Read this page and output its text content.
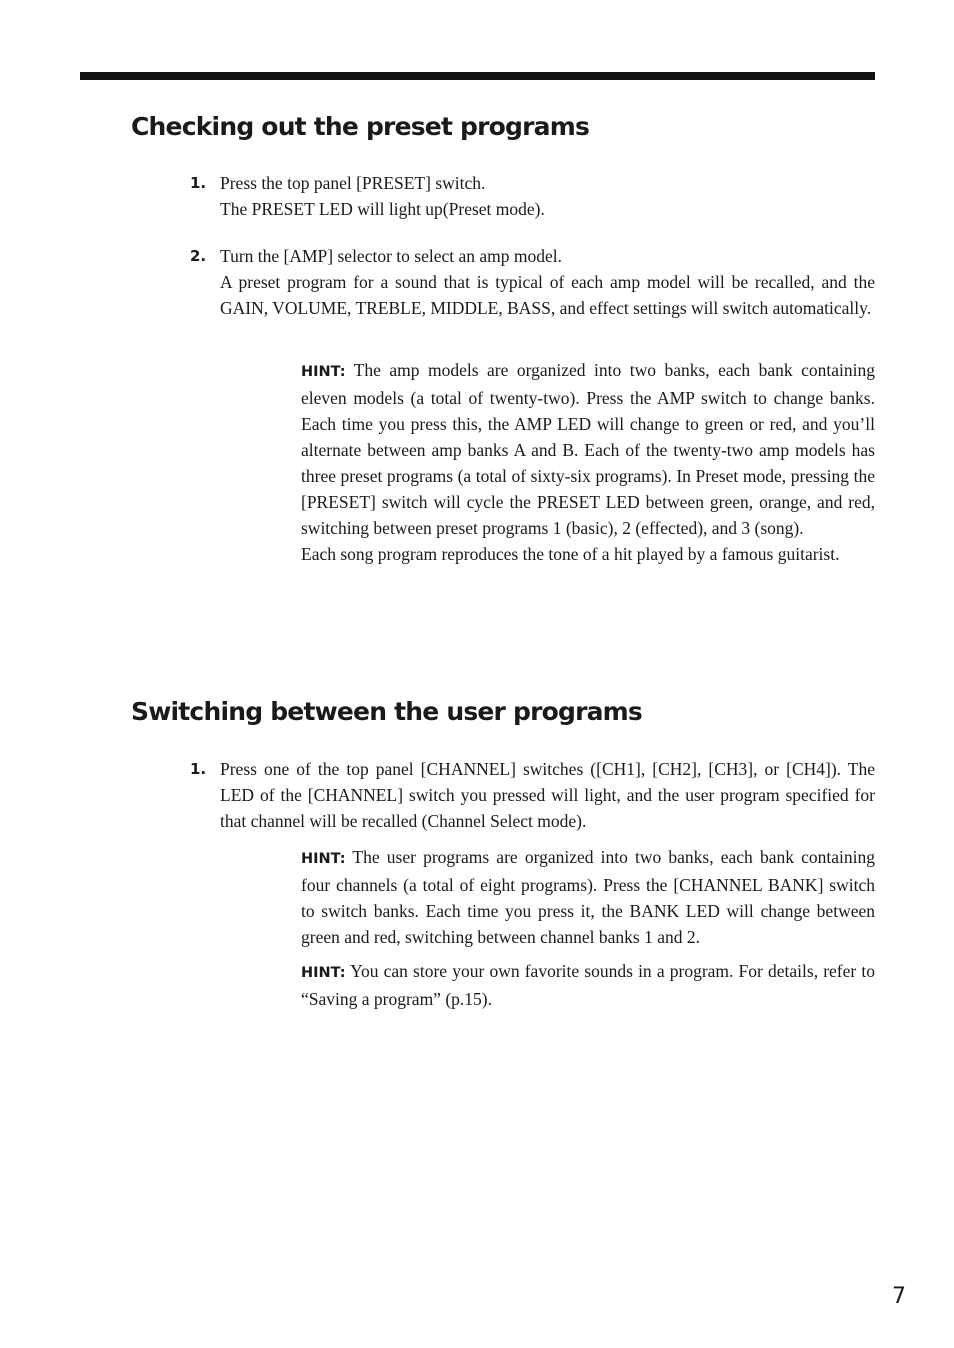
Checking out the preset programs
1. Press the top panel [PRESET] switch.

The PRESET LED will light up(Preset mode).

2. Turn the [AMP] selector to select an amp model.

A preset program for a sound that is typical of each amp model will be recalled, and the GAIN, VOLUME, TREBLE, MIDDLE, BASS, and effect settings will switch automatically.

HINT: The amp models are organized into two banks, each bank containing eleven models (a total of twenty-two). Press the AMP switch to change banks. Each time you press this, the AMP LED will change to green or red, and you’ll alternate between amp banks A and B. Each of the twenty-two amp models has three preset programs (a total of sixty-six programs). In Preset mode, pressing the [PRESET] switch will cycle the PRESET LED between green, orange, and red, switching between preset programs 1 (basic), 2 (effected), and 3 (song).

Each song program reproduces the tone of a hit played by a famous guitarist.

Switching between the user programs
1. Press one of the top panel [CHANNEL] switches ([CH1], [CH2], [CH3], or [CH4]). The LED of the [CHANNEL] switch you pressed will light, and the user program specified for that channel will be recalled (Channel Select mode).

HINT: The user programs are organized into two banks, each bank containing four channels (a total of eight programs). Press the [CHANNEL BANK] switch to switch banks. Each time you press it, the BANK LED will change between green and red, switching between channel banks 1 and 2.

HINT: You can store your own favorite sounds in a program. For details, refer to “Saving a program” (p.15).

7
